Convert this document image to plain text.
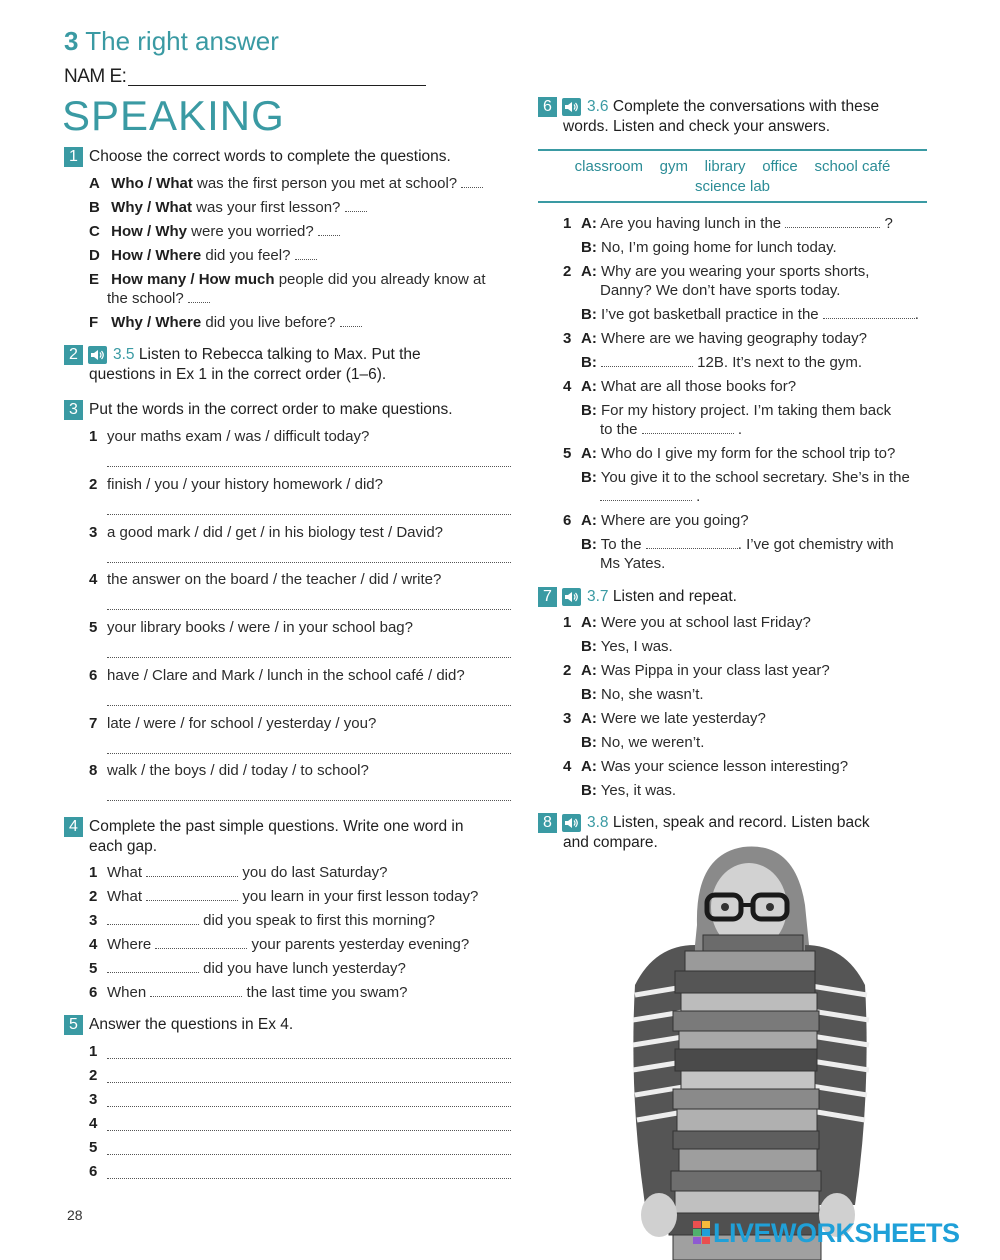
3 The right answer
NAM E:
SPEAKING
1 Choose the correct words to complete the questions.
A Who / What was the first person you met at school?
B Why / What was your first lesson?
C How / Why were you worried?
D How / Where did you feel?
E How many / How much people did you already know at
the school?
F Why / Where did you live before?
2	3.5 Listen to Rebecca talking to Max. Put the
questions in Ex 1 in the correct order (1–6).
3 Put the words in the correct order to make questions.
1 your maths exam / was / difficult today?
2 finish / you / your history homework / did?
3 a good mark / did / get / in his biology test / David?
4 the answer on the board / the teacher / did / write?
5 your library books / were / in your school bag?
6 have / Clare and Mark / lunch in the school café / did?
7 late / were / for school / yesterday / you?
8 walk / the boys / did / today / to school?
4 Complete the past simple questions. Write one word in
each gap.
1 What	you do last Saturday?
2 What	you learn in your first lesson today?
3	did you speak to first this morning?
4 Where	your parents yesterday evening?
5	did you have lunch yesterday?
6 When	the last time you swam?
5 Answer the questions in Ex 4.
1
2
3
4
5
6
6	3.6 Complete the conversations with these
words. Listen and check your answers.
classroom    gym    library    office    school café
science lab
1 A: Are you having lunch in the	?
B: No, I’m going home for lunch today.
2 A: Why are you wearing your sports shorts,
Danny? We don’t have sports today.
B: I’ve got basketball practice in the	.
3 A: Where are we having geography today?
B:	12B. It’s next to the gym.
4 A: What are all those books for?
B: For my history project. I’m taking them back
to the	.
5 A: Who do I give my form for the school trip to?
B: You give it to the school secretary. She’s in the
.
6 A: Where are you going?
B: To the	. I’ve got chemistry with
Ms Yates.
7	3.7 Listen and repeat.
1 A: Were you at school last Friday?
B: Yes, I was.
2 A: Was Pippa in your class last year?
B: No, she wasn’t.
3 A: Were we late yesterday?
B: No, we weren’t.
4 A: Was your science lesson interesting?
B: Yes, it was.
8	3.8 Listen, speak and record. Listen back
and compare.
28
LIVEWORKSHEETS
